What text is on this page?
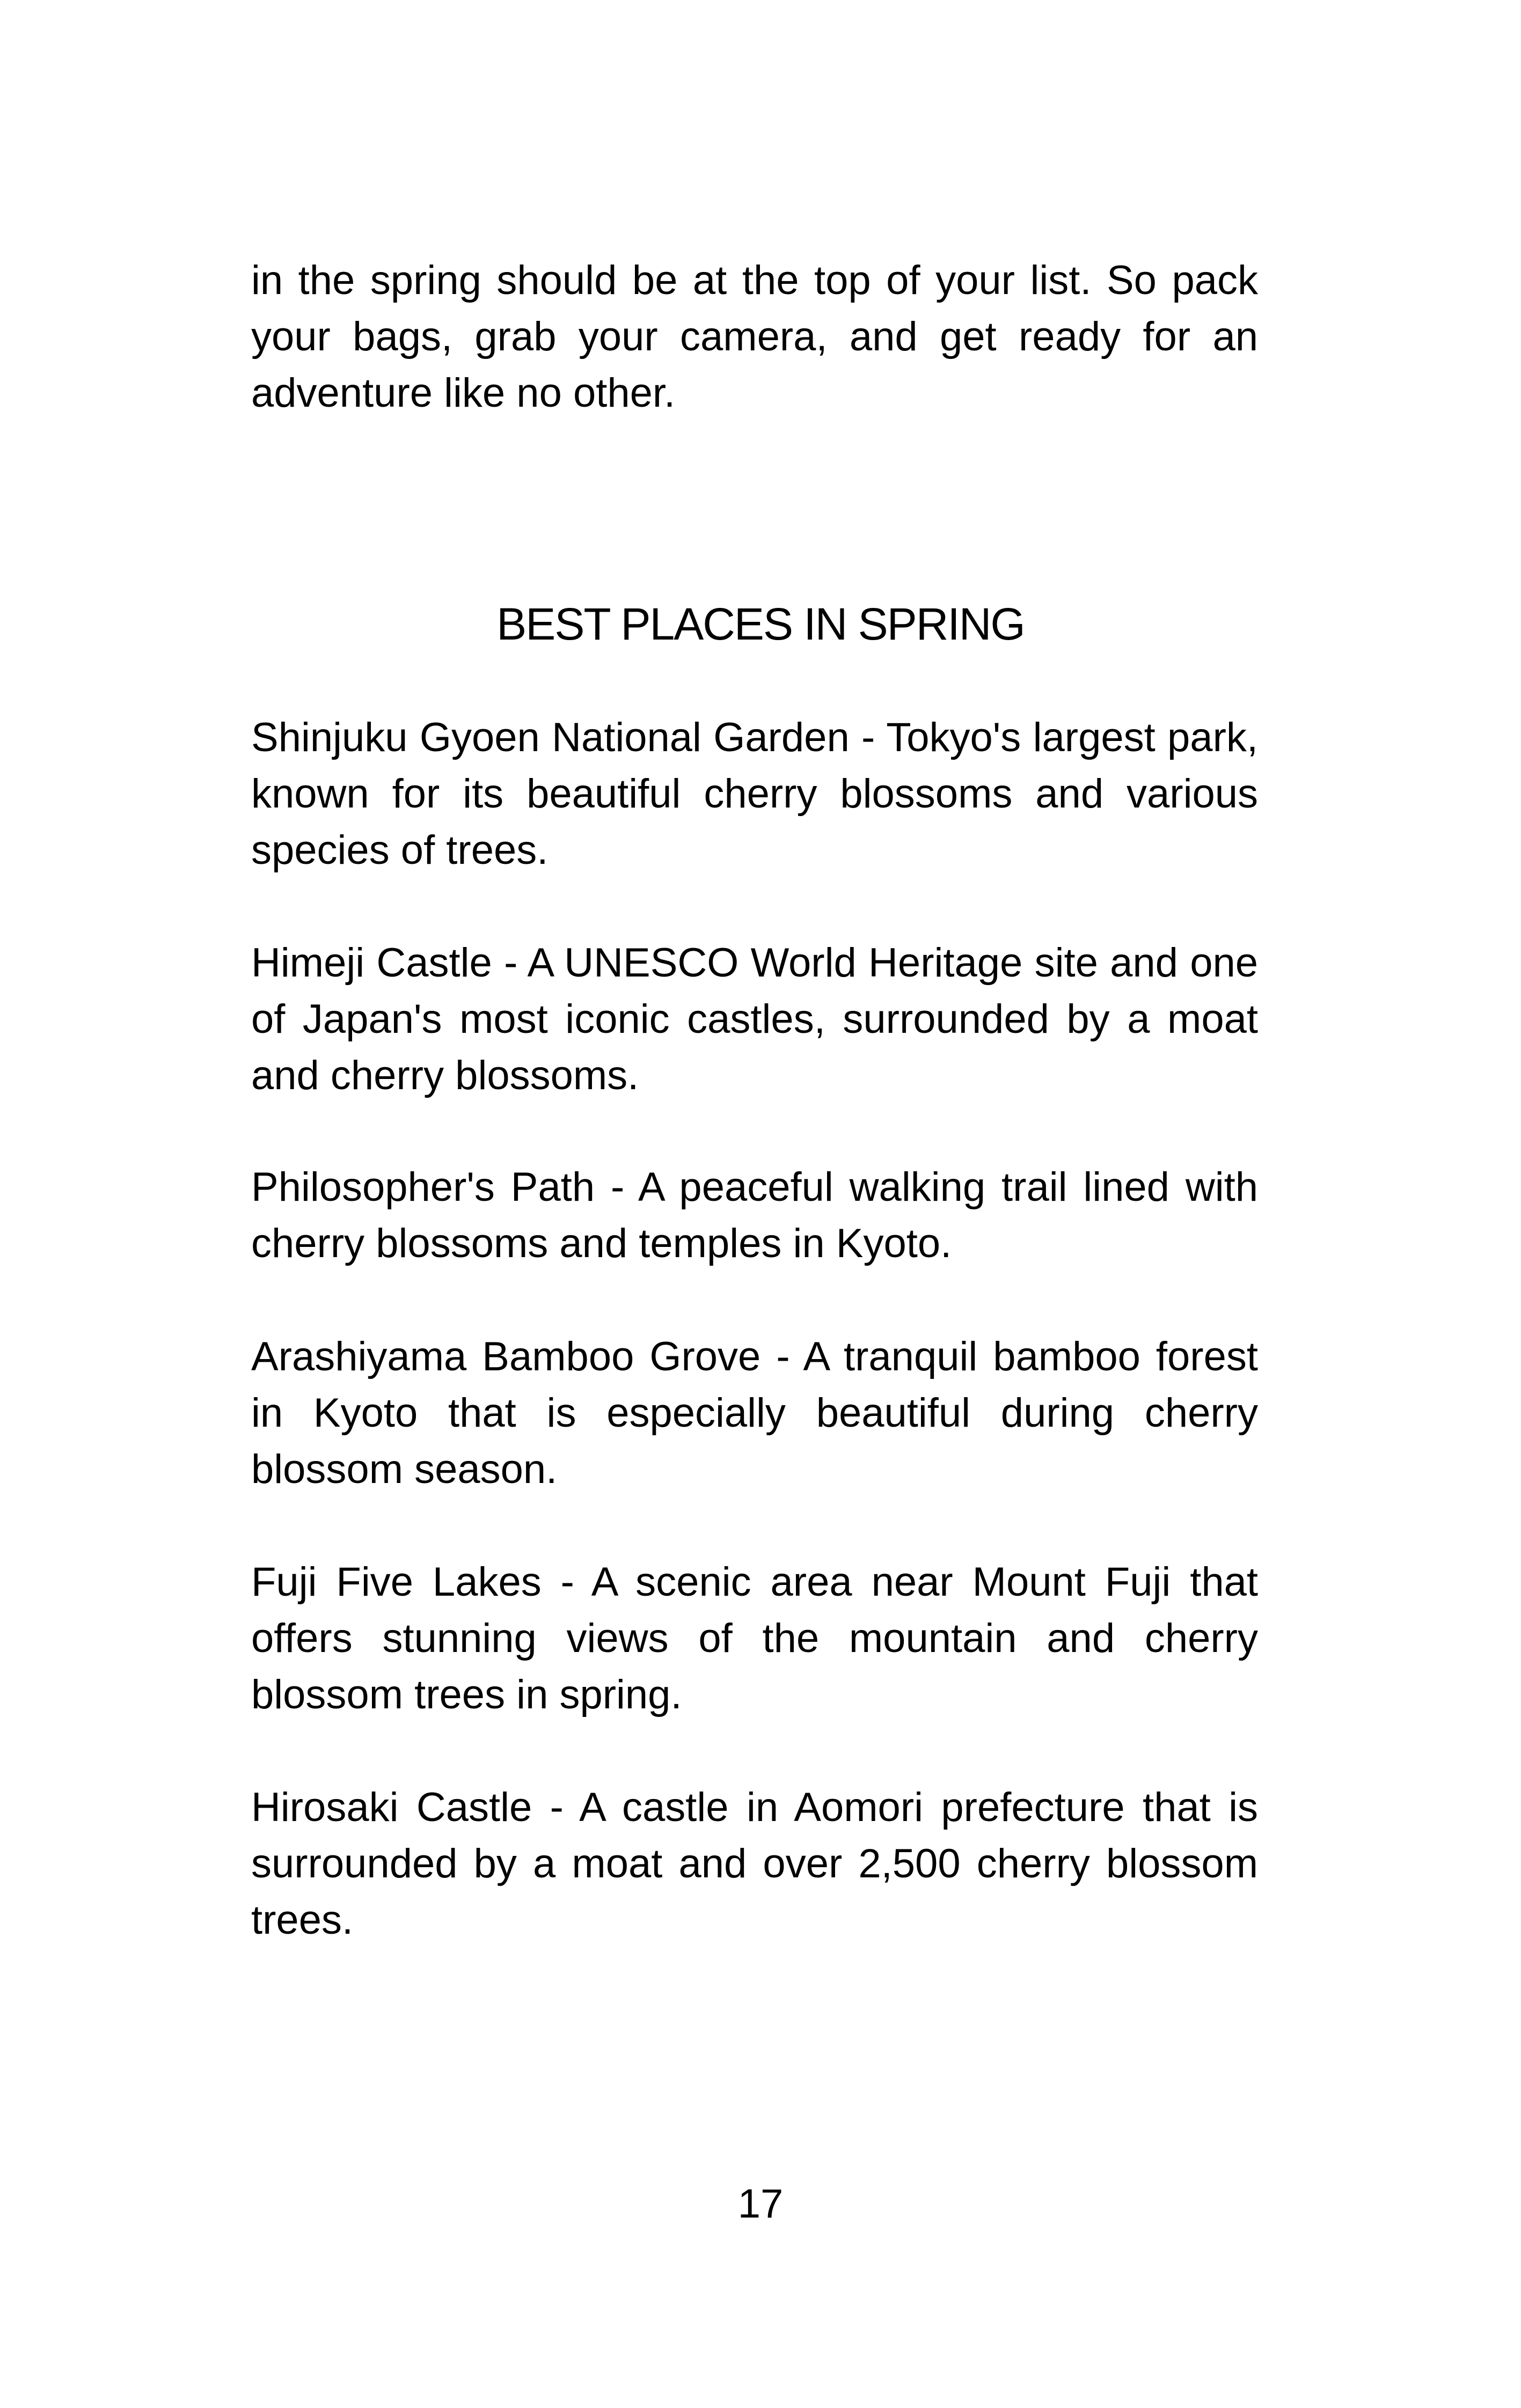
in the spring should be at the top of your list. So pack your bags, grab your camera, and get ready for an adventure like no other.

BEST PLACES IN SPRING

Shinjuku Gyoen National Garden - Tokyo's largest park, known for its beautiful cherry blossoms and various species of trees.

Himeji Castle - A UNESCO World Heritage site and one of Japan's most iconic castles, surrounded by a moat and cherry blossoms.

Philosopher's Path - A peaceful walking trail lined with cherry blossoms and temples in Kyoto.

Arashiyama Bamboo Grove - A tranquil bamboo forest in Kyoto that is especially beautiful during cherry blossom season.

Fuji Five Lakes - A scenic area near Mount Fuji that offers stunning views of the mountain and cherry blossom trees in spring.

Hirosaki Castle - A castle in Aomori prefecture that is surrounded by a moat and over 2,500 cherry blossom trees.

17
